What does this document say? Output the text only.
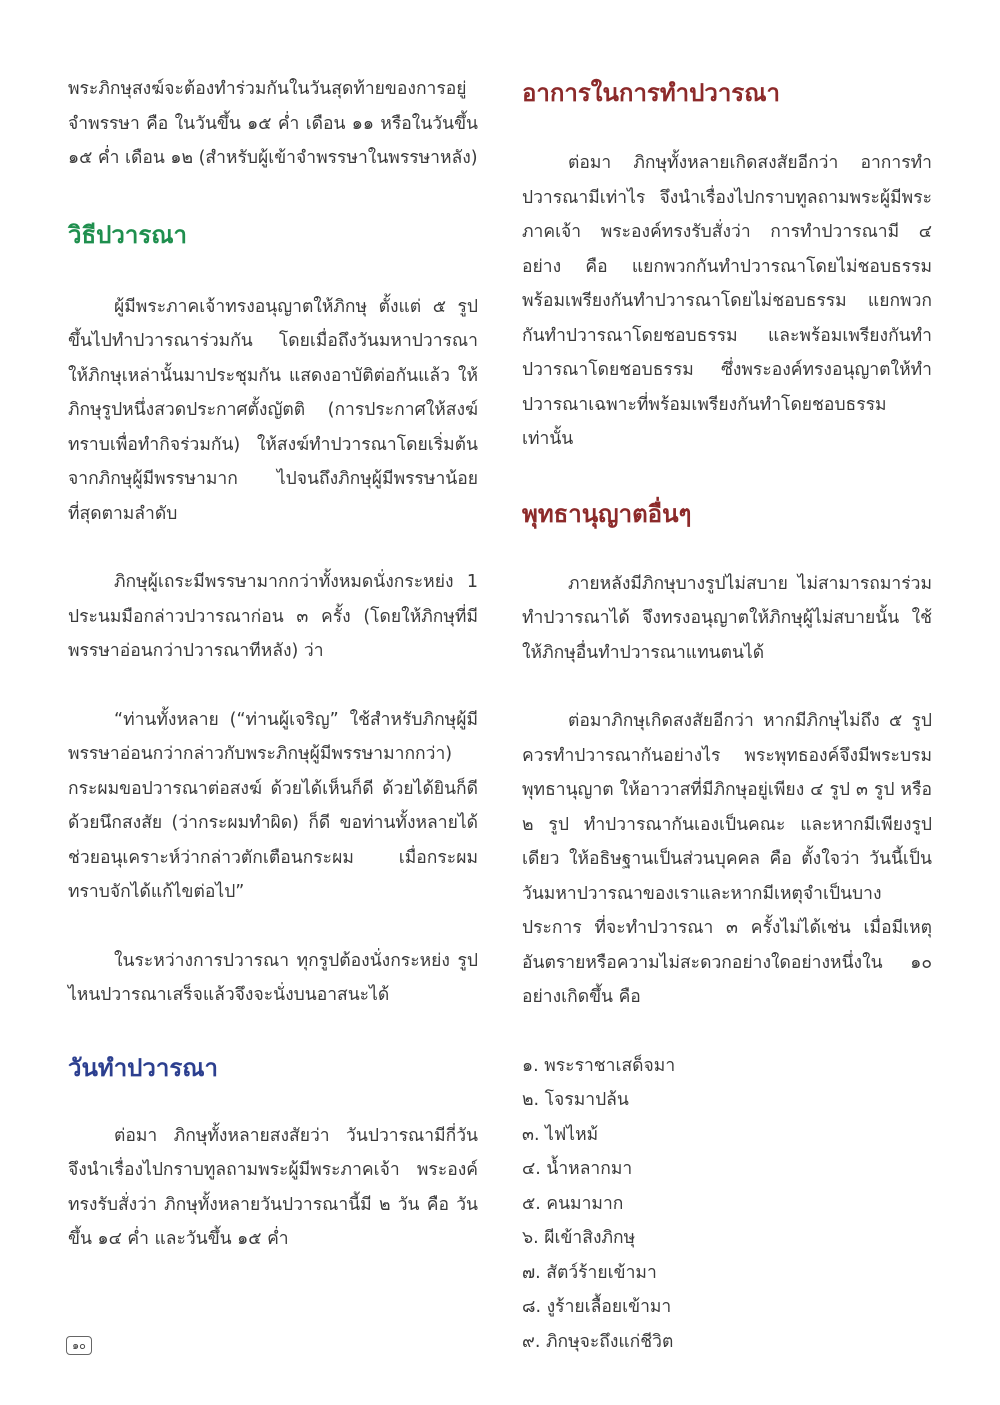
พระภิกษุสงฆ์จะต้องทำร่วมกันในวันสุดท้ายของการอยู่จำพรรษา คือ ในวันขึ้น ๑๕ ค่ำ เดือน ๑๑ หรือในวันขึ้น ๑๕ ค่ำ เดือน ๑๒ (สำหรับผู้เข้าจำพรรษาในพรรษาหลัง)

วิธีปวารณา

ผู้มีพระภาคเจ้าทรงอนุญาตให้ภิกษุ ตั้งแต่ ๕ รูปขึ้นไปทำปวารณาร่วมกัน โดยเมื่อถึงวันมหาปวารณา ให้ภิกษุเหล่านั้นมาประชุมกัน แสดงอาบัติต่อกันแล้ว ให้ภิกษุรูปหนึ่งสวดประกาศตั้งญัตติ (การประกาศให้สงฆ์ทราบเพื่อทำกิจร่วมกัน) ให้สงฆ์ทำปวารณาโดยเริ่มต้นจากภิกษุผู้มีพรรษามาก ไปจนถึงภิกษุผู้มีพรรษาน้อยที่สุดตามลำดับ

ภิกษุผู้เถระมีพรรษามากกว่าทั้งหมดนั่งกระหย่ง 1 ประนมมือกล่าวปวารณาก่อน ๓ ครั้ง (โดยให้ภิกษุที่มีพรรษาอ่อนกว่าปวารณาทีหลัง) ว่า

“ท่านทั้งหลาย (“ท่านผู้เจริญ” ใช้สำหรับภิกษุผู้มีพรรษาอ่อนกว่ากล่าวกับพระภิกษุผู้มีพรรษามากกว่า) กระผมขอปวารณาต่อสงฆ์ ด้วยได้เห็นก็ดี ด้วยได้ยินก็ดี ด้วยนึกสงสัย (ว่ากระผมทำผิด) ก็ดี ขอท่านทั้งหลายได้ช่วยอนุเคราะห์ว่ากล่าวตักเตือนกระผม เมื่อกระผมทราบจักได้แก้ไขต่อไป”

ในระหว่างการปวารณา ทุกรูปต้องนั่งกระหย่ง รูปไหนปวารณาเสร็จแล้วจึงจะนั่งบนอาสนะได้

วันทำปวารณา

ต่อมา ภิกษุทั้งหลายสงสัยว่า วันปวารณามีกี่วัน จึงนำเรื่องไปกราบทูลถามพระผู้มีพระภาคเจ้า พระองค์ทรงรับสั่งว่า ภิกษุทั้งหลายวันปวารณานี้มี ๒ วัน คือ วันขึ้น ๑๔ ค่ำ และวันขึ้น ๑๕ ค่ำ

อาการในการทำปวารณา

ต่อมา ภิกษุทั้งหลายเกิดสงสัยอีกว่า อาการทำปวารณามีเท่าไร จึงนำเรื่องไปกราบทูลถามพระผู้มีพระภาคเจ้า พระองค์ทรงรับสั่งว่า การทำปวารณามี ๔ อย่าง คือ แยกพวกกันทำปวารณาโดยไม่ชอบธรรม พร้อมเพรียงกันทำปวารณาโดยไม่ชอบธรรม แยกพวกกันทำปวารณาโดยชอบธรรม และพร้อมเพรียงกันทำปวารณาโดยชอบธรรม ซึ่งพระองค์ทรงอนุญาตให้ทำปวารณาเฉพาะที่พร้อมเพรียงกันทำโดยชอบธรรมเท่านั้น

พุทธานุญาตอื่นๆ

ภายหลังมีภิกษุบางรูปไม่สบาย ไม่สามารถมาร่วมทำปวารณาได้ จึงทรงอนุญาตให้ภิกษุผู้ไม่สบายนั้น ใช้ให้ภิกษุอื่นทำปวารณาแทนตนได้

ต่อมาภิกษุเกิดสงสัยอีกว่า หากมีภิกษุไม่ถึง ๕ รูป ควรทำปวารณากันอย่างไร พระพุทธองค์จึงมีพระบรมพุทธานุญาต ให้อาวาสที่มีภิกษุอยู่เพียง ๔ รูป ๓ รูป หรือ ๒ รูป ทำปวารณากันเองเป็นคณะ และหากมีเพียงรูปเดียว ให้อธิษฐานเป็นส่วนบุคคล คือ ตั้งใจว่า วันนี้เป็นวันมหาปวารณาของเราและหากมีเหตุจำเป็นบางประการ ที่จะทำปวารณา ๓ ครั้งไม่ได้เช่น เมื่อมีเหตุอันตรายหรือความไม่สะดวกอย่างใดอย่างหนึ่งใน ๑๐ อย่างเกิดขึ้น คือ

๑. พระราชาเสด็จมา
๒. โจรมาปล้น
๓. ไฟไหม้
๔. น้ำหลากมา
๕. คนมามาก
๖. ผีเข้าสิงภิกษุ
๗. สัตว์ร้ายเข้ามา
๘. งูร้ายเลื้อยเข้ามา
๙. ภิกษุจะถึงแก่ชีวิต
๑๐
